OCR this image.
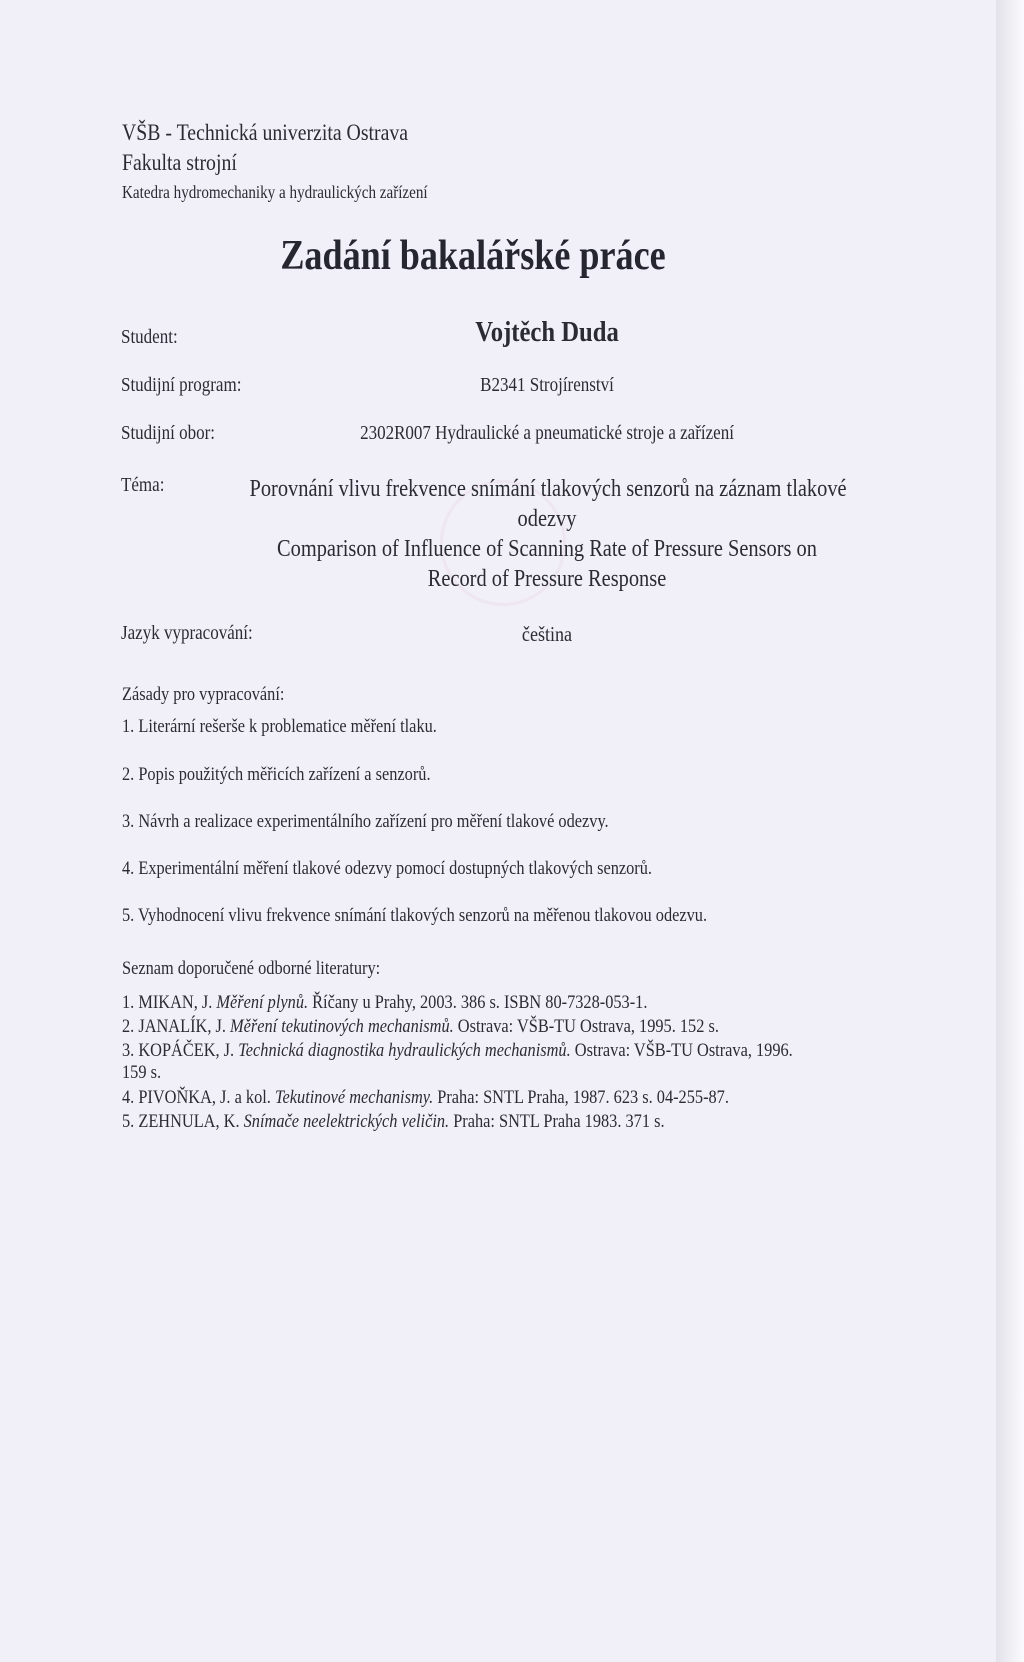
VŠB - Technická univerzita Ostrava
Fakulta strojní
Katedra hydromechaniky a hydraulických zařízení
Zadání bakalářské práce
Student:	Vojtěch Duda
Studijní program:	B2341 Strojírenství
Studijní obor:	2302R007 Hydraulické a pneumatické stroje a zařízení
Téma:	Porovnání vlivu frekvence snímání tlakových senzorů na záznam tlakové
odezvy
Comparison of Influence of Scanning Rate of Pressure Sensors on
Record of Pressure Response
Jazyk vypracování:	čeština
Zásady pro vypracování:
1. Literární rešerše k problematice měření tlaku.
2. Popis použitých měřicích zařízení a senzorů.
3. Návrh a realizace experimentálního zařízení pro měření tlakové odezvy.
4. Experimentální měření tlakové odezvy pomocí dostupných tlakových senzorů.
5. Vyhodnocení vlivu frekvence snímání tlakových senzorů na měřenou tlakovou odezvu.
Seznam doporučené odborné literatury:
1. MIKAN, J. Měření plynů. Říčany u Prahy, 2003. 386 s. ISBN 80-7328-053-1.
2. JANALÍK, J. Měření tekutinových mechanismů. Ostrava: VŠB-TU Ostrava, 1995. 152 s.
3. KOPÁČEK, J. Technická diagnostika hydraulických mechanismů. Ostrava: VŠB-TU Ostrava, 1996.
159 s.
4. PIVOŇKA, J. a kol. Tekutinové mechanismy. Praha: SNTL Praha, 1987. 623 s. 04-255-87.
5. ZEHNULA, K. Snímače neelektrických veličin. Praha: SNTL Praha 1983. 371 s.
